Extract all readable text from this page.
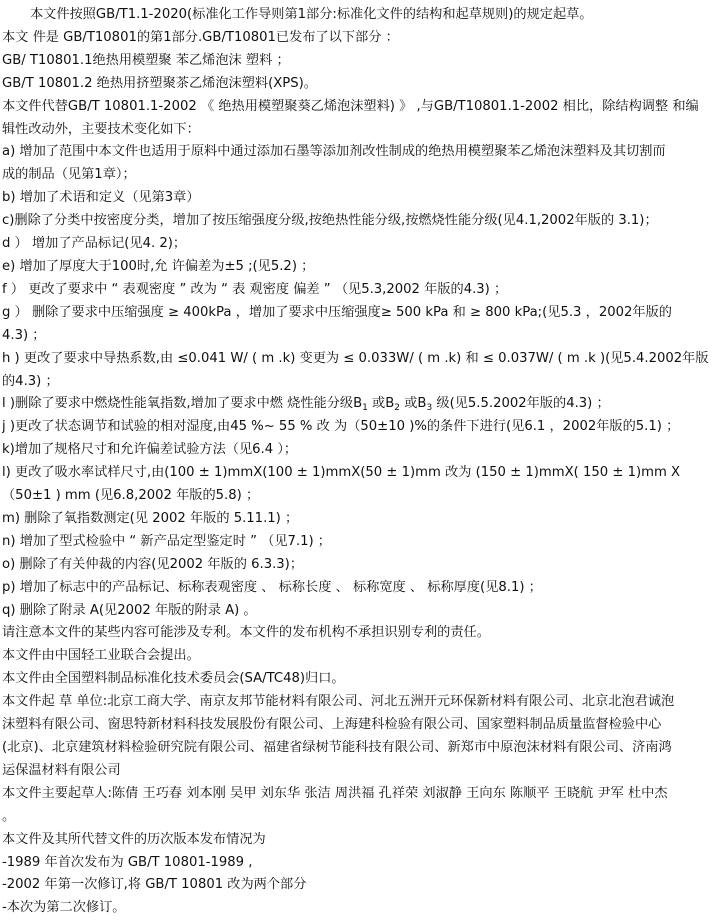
本文件按照GB/T1.1-2020(标准化工作导则第1部分:标准化文件的结构和起草规则)的规定起草。
本文 件是 GB/T10801的第1部分.GB/T10801已发布了以下部分 ：
GB/ T10801.1绝热用模塑聚 苯乙烯泡沫 塑料 ；
GB/T 10801.2 绝热用挤塑聚茶乙烯泡沫塑料(XPS)。
本文件代替GB/T 10801.1-2002 《 绝热用模塑聚葵乙烯泡沫塑料) 》 ,与GB/T10801.1-2002 相比，除结构调整 和编
辑性改动外，主要技术变化如下：
a) 增加了范围中本文件也适用于原料中通过添加石墨等添加剂改性制成的绝热用模塑聚苯乙烯泡沫塑料及其切割而
成的制品（见第1章）；
b) 增加了术语和定义（见第3章）
c)删除了分类中按密度分类，增加了按压缩强度分级,按绝热性能分级,按燃烧性能分级(见4.1,2002年版的 3.1)；
d ） 增加了产品标记(见4. 2)；
e) 增加了厚度大于100时,允 许偏差为±5 ;(见5.2) ；
f ） 更改了要求中 “ 表观密度 ” 改为 “ 表 观密度 偏差 ” （见5.3,2002 年版的4.3) ；
g ） 删除了要求中压缩强度 ≥ 400kPa ，增加了要求中压缩强度≥ 500 kPa 和 ≥ 800 kPa;(见5.3 ，2002年版的
4.3) ；
h ) 更改了要求中导热系数,由 ≤0.041 W/ ( m .k) 变更为 ≤ 0.033W/ ( m .k) 和 ≤ 0.037W/ ( m .k )(见5.4.2002年版
的4.3) ；
l )删除了要求中燃烧性能氧指数,增加了要求中燃 烧性能分级$B_1$ 或$B_2$ 或$B_3$ 级(见5.5.2002年版的4.3) ；
j )更改了状态调节和试验的相对湿度,由45 %~ 55 % 改 为（50±10 )%的条件下进行(见6.1 ，2002年版的5.1) ；
k)增加了规格尺寸和允许偏差试验方法（见6.4 ）；
l) 更改了吸水率试样尺寸,由(100 ± 1)mmX(100 ± 1)mmX(50 ± 1)mm 改为 (150 ± 1)mmX( 150 ± 1)mm X
（50±1 ) mm (见6.8,2002 年版的5.8) ；
m) 删除了氧指数测定(见 2002 年版的 5.11.1) ；
n) 增加了型式检验中 “ 新产品定型鉴定时 ” （见7.1) ；
o) 删除了有关仲裁的内容(见2002 年版的 6.3.3)；
p) 增加了标志中的产品标记、标称表观密度 、 标称长度 、 标称宽度 、 标称厚度(见8.1) ；
q) 删除了附录 A(见2002 年版的附录 A) 。
请注意本文件的某些内容可能涉及专利。本文件的发布机构不承担识别专利的责任。
本文件由中国轻工业联合会提出。
本文件由全国塑料制品标准化技术委员会(SA/TC48)归口。
本文件起 草 单位:北京工商大学、南京友邦节能材料有限公司、河北五洲开元环保新材料有限公司、北京北泡君诚泡
沫塑料有限公司、窗思特新材料科技发展股份有限公司、上海建科检验有限公司、国家塑料制品质量监督检验中心
(北京)、北京建筑材料检验研究院有限公司、福建省绿树节能科技有限公司、新郑市中原泡沫材料有限公司、济南鸿
运保温材料有限公司
本文件主要起草人:陈倩 王巧春 刘本刚 吴甲 刘东华 张洁 周洪福 孔祥荣 刘淑静 王向东 陈顺平 王晓航 尹军 杜中杰
。
本文件及其所代替文件的历次版本发布情况为
-1989 年首次发布为 GB/T 10801-1989 ,
-2002 年第一次修订,将 GB/T 10801 改为两个部分
-本次为第二次修订。
